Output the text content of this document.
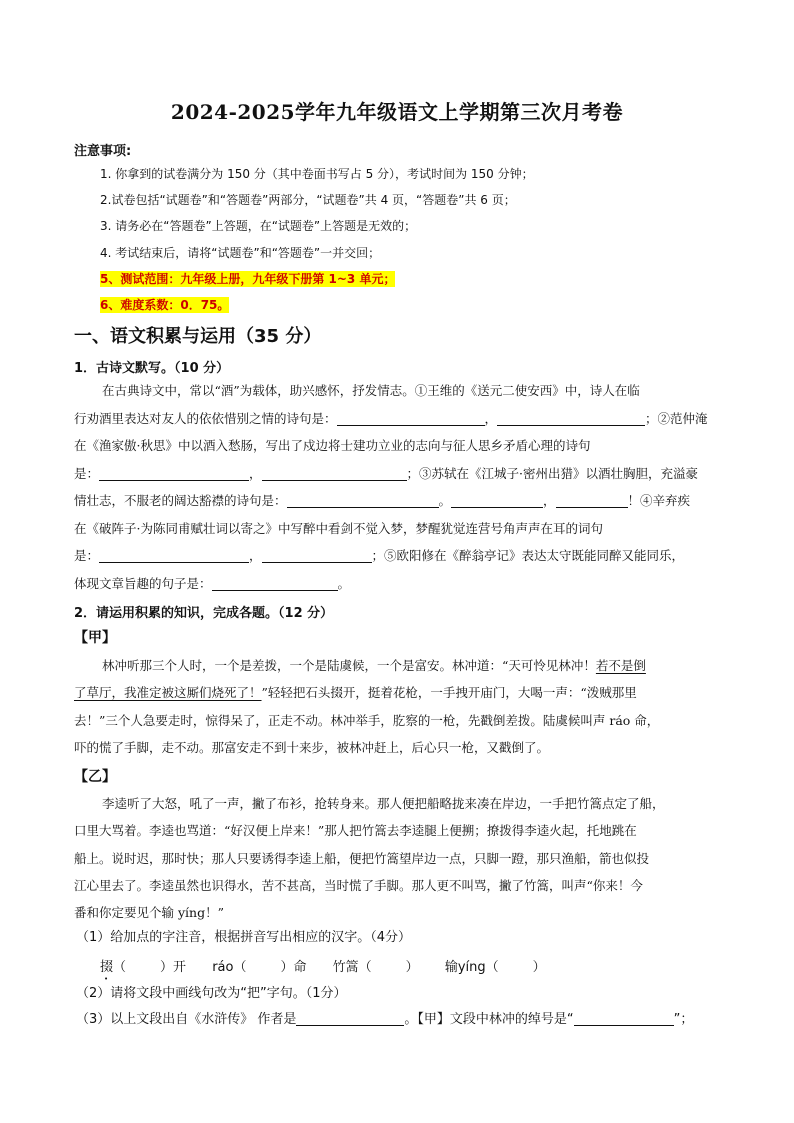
2024-2025学年九年级语文上学期第三次月考卷
注意事项:
1. 你拿到的试卷满分为 150 分（其中卷面书写占 5 分），考试时间为 150 分钟；
2.试卷包括“试题卷”和“答题卷”两部分，“试题卷”共 4 页，“答题卷”共 6 页；
3. 请务必在“答题卷”上答题，在“试题卷”上答题是无效的；
4. 考试结束后，请将“试题卷”和“答题卷”一并交回；
5、测试范围：九年级上册，九年级下册第 1~3 单元；
6、难度系数：0．75。
一、语文积累与运用（35 分）
1．古诗文默写。（10 分）
在古典诗文中，常以“酒”为载体，助兴感怀，抒发情志。①王维的《送元二使安西》中，诗人在临
行劝酒里表达对友人的依依惜别之情的诗句是：	，	；②范仲淹
在《渔家傲·秋思》中以酒入愁肠，写出了戍边将士建功立业的志向与征人思乡矛盾心理的诗句
是：	，	；③苏轼在《江城子·密州出猎》以酒壮胸胆，充溢豪
情壮志，不服老的阔达豁襟的诗句是：	。	，	！④辛弃疾
在《破阵子·为陈同甫赋壮词以寄之》中写醉中看剑不觉入梦，梦醒犹觉连营号角声声在耳的词句
是：	，	；⑤欧阳修在《醉翁亭记》表达太守既能同醉又能同乐，
体现文章旨趣的句子是：	。
2．请运用积累的知识，完成各题。（12 分）
【甲】
林冲听那三个人时，一个是差拨，一个是陆虞候，一个是富安。林冲道：“天可怜见林冲！若不是倒
了草厅，我准定被这厮们烧死了！”轻轻把石头掇开，挺着花枪，一手拽开庙门，大喝一声：“泼贼那里
去！”三个人急要走时，惊得呆了，正走不动。林冲举手，肐察的一枪，先戳倒差拨。陆虞候叫声 ráo 命，
吓的慌了手脚，走不动。那富安走不到十来步，被林冲赶上，后心只一枪，又戳倒了。
【乙】
李逵听了大怒，吼了一声，撇了布衫，抢转身来。那人便把船略拢来凑在岸边，一手把竹篙点定了船，
口里大骂着。李逵也骂道：“好汉便上岸来！”那人把竹篙去李逵腿上便搠；撩拨得李逵火起，托地跳在
船上。说时迟，那时快；那人只要诱得李逵上船，便把竹篙望岸边一点，只脚一蹬，那只渔船，箭也似投
江心里去了。李逵虽然也识得水，苦不甚高，当时慌了手脚。那人更不叫骂，撇了竹篙，叫声“你来！今
番和你定要见个输 yíng！”
（1）给加点的字注音，根据拼音写出相应的汉字。（4分）
掇（	）开 ráo（	）命 竹篙（	） 输yíng（	）
（2）请将文段中画线句改为“把”字句。（1分）
（3）以上文段出自《水浒传》 作者是	。【甲】文段中林冲的绰号是“	”；
